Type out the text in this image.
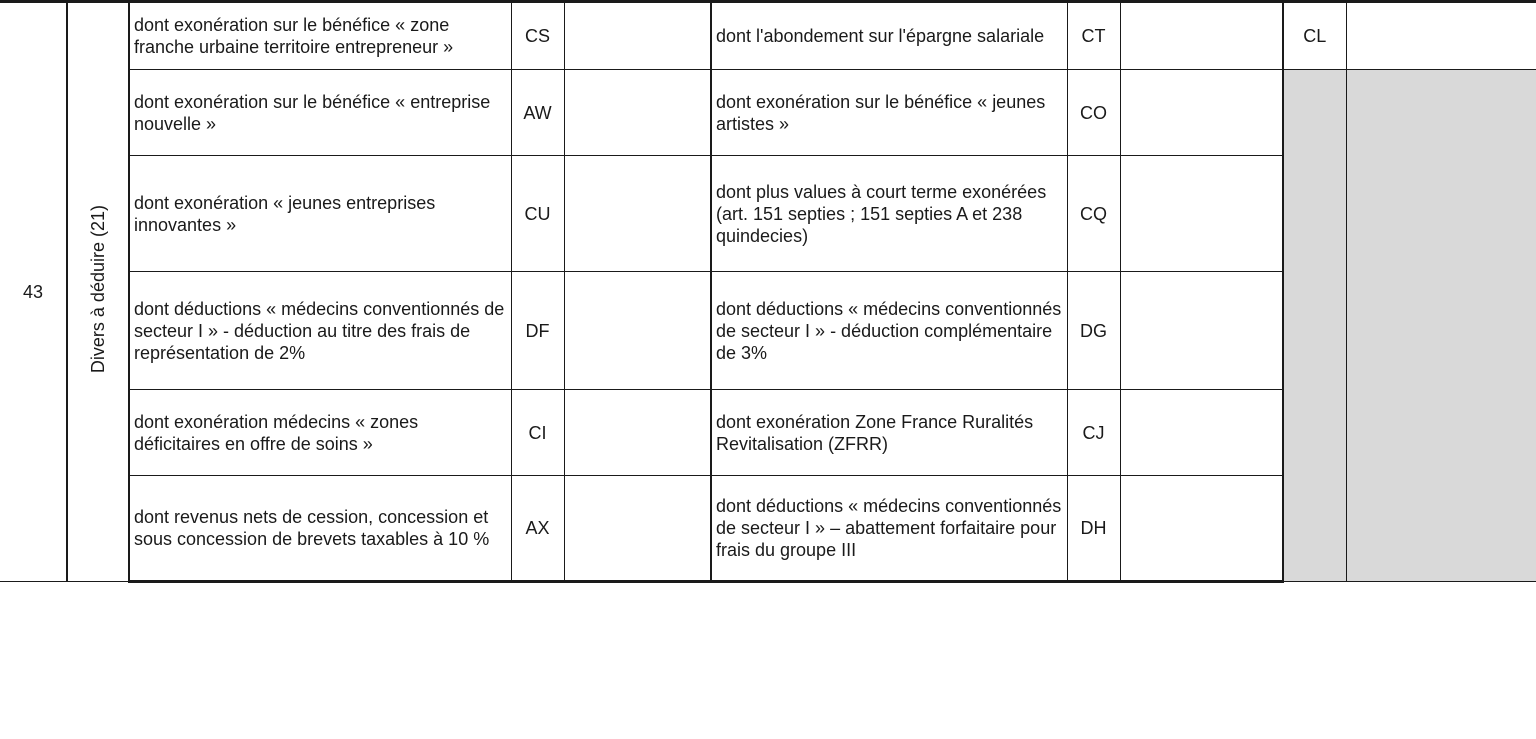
43	Divers à déduire (21)	dont exonération sur le bénéfice « zone franche urbaine territoire entrepreneur »	CS		dont l'abondement sur l'épargne salariale	CT		CL	
		dont exonération sur le bénéfice « entreprise nouvelle »	AW		dont exonération sur le bénéfice « jeunes artistes »	CO			
		dont exonération « jeunes entreprises innovantes »	CU		dont plus values à court terme exonérées (art. 151 septies ; 151 septies A et 238 quindecies)	CQ			
		dont déductions « médecins conventionnés de secteur I » - déduction au titre des frais de représentation de 2%	DF		dont déductions « médecins conventionnés de secteur I » - déduction complémentaire de 3%	DG			
		dont exonération médecins « zones déficitaires en offre de soins »	CI		dont exonération Zone France Ruralités Revitalisation (ZFRR)	CJ			
		dont revenus nets de cession, concession et sous concession de brevets taxables à 10 %	AX		dont déductions « médecins conventionnés de secteur I » – abattement forfaitaire pour frais du groupe III	DH			
